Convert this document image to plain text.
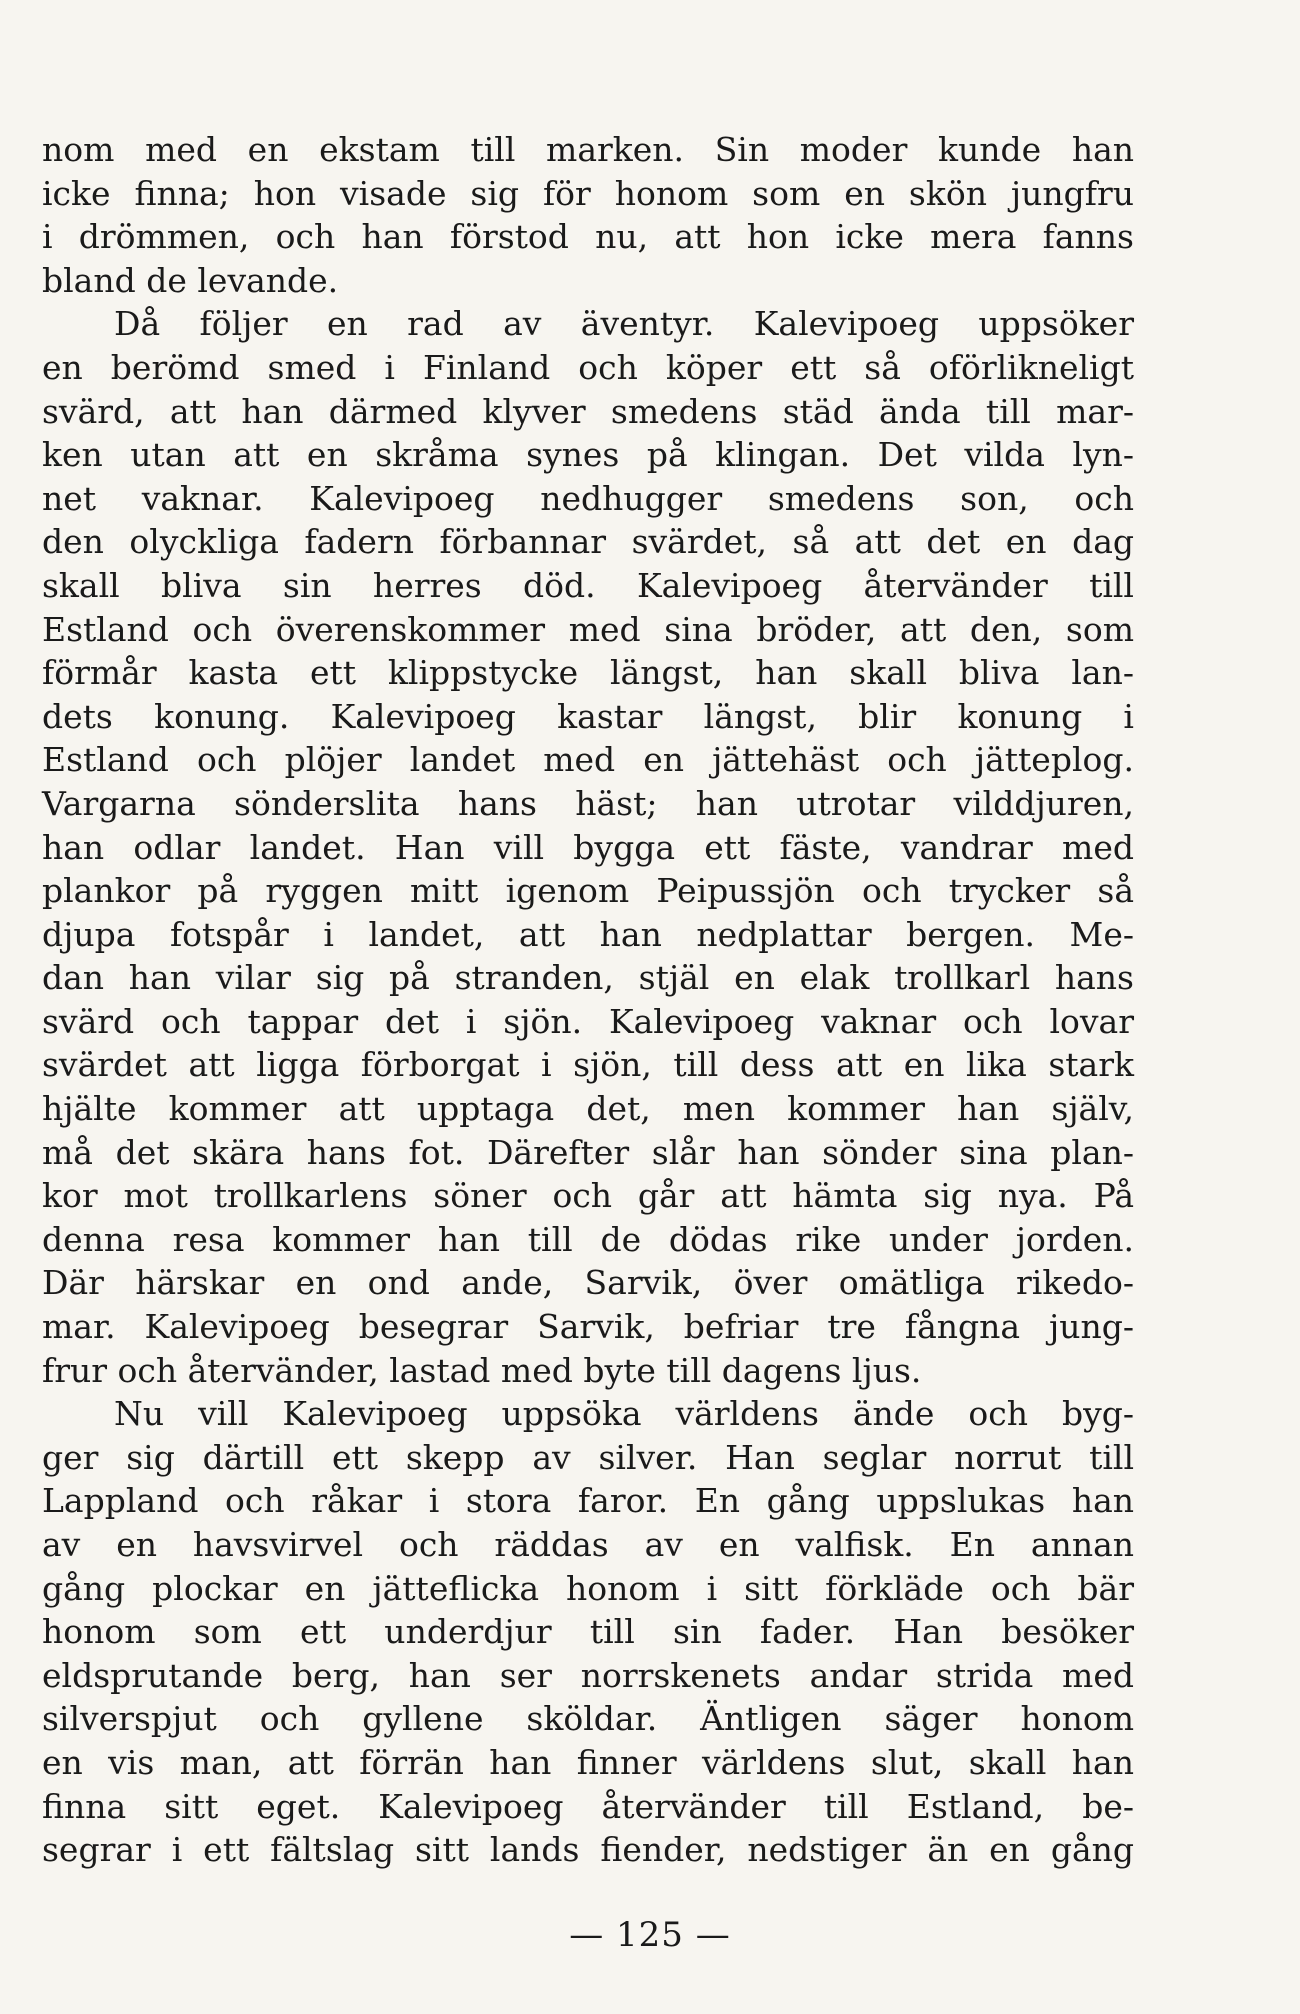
nom med en ekstam till marken. Sin moder kunde han
icke finna; hon visade sig för honom som en skön jungfru
i drömmen, och han förstod nu, att hon icke mera fanns
bland de levande.
Då följer en rad av äventyr. Kalevipoeg uppsöker
en berömd smed i Finland och köper ett så oförlikneligt
svärd, att han därmed klyver smedens städ ända till mar-
ken utan att en skråma synes på klingan. Det vilda lyn-
net vaknar. Kalevipoeg nedhugger smedens son, och
den olyckliga fadern förbannar svärdet, så att det en dag
skall bliva sin herres död. Kalevipoeg återvänder till
Estland och överenskommer med sina bröder, att den, som
förmår kasta ett klippstycke längst, han skall bliva lan-
dets konung. Kalevipoeg kastar längst, blir konung i
Estland och plöjer landet med en jättehäst och jätteplog.
Vargarna sönderslita hans häst; han utrotar vilddjuren,
han odlar landet. Han vill bygga ett fäste, vandrar med
plankor på ryggen mitt igenom Peipussjön och trycker så
djupa fotspår i landet, att han nedplattar bergen. Me-
dan han vilar sig på stranden, stjäl en elak trollkarl hans
svärd och tappar det i sjön. Kalevipoeg vaknar och lovar
svärdet att ligga förborgat i sjön, till dess att en lika stark
hjälte kommer att upptaga det, men kommer han själv,
må det skära hans fot. Därefter slår han sönder sina plan-
kor mot trollkarlens söner och går att hämta sig nya. På
denna resa kommer han till de dödas rike under jorden.
Där härskar en ond ande, Sarvik, över omätliga rikedo-
mar. Kalevipoeg besegrar Sarvik, befriar tre fångna jung-
frur och återvänder, lastad med byte till dagens ljus.
Nu vill Kalevipoeg uppsöka världens ände och byg-
ger sig därtill ett skepp av silver. Han seglar norrut till
Lappland och råkar i stora faror. En gång uppslukas han
av en havsvirvel och räddas av en valfisk. En annan
gång plockar en jätteflicka honom i sitt förkläde och bär
honom som ett underdjur till sin fader. Han besöker
eldsprutande berg, han ser norrskenets andar strida med
silverspjut och gyllene sköldar. Äntligen säger honom
en vis man, att förrän han finner världens slut, skall han
finna sitt eget. Kalevipoeg återvänder till Estland, be-
segrar i ett fältslag sitt lands fiender, nedstiger än en gång
— 125 —
